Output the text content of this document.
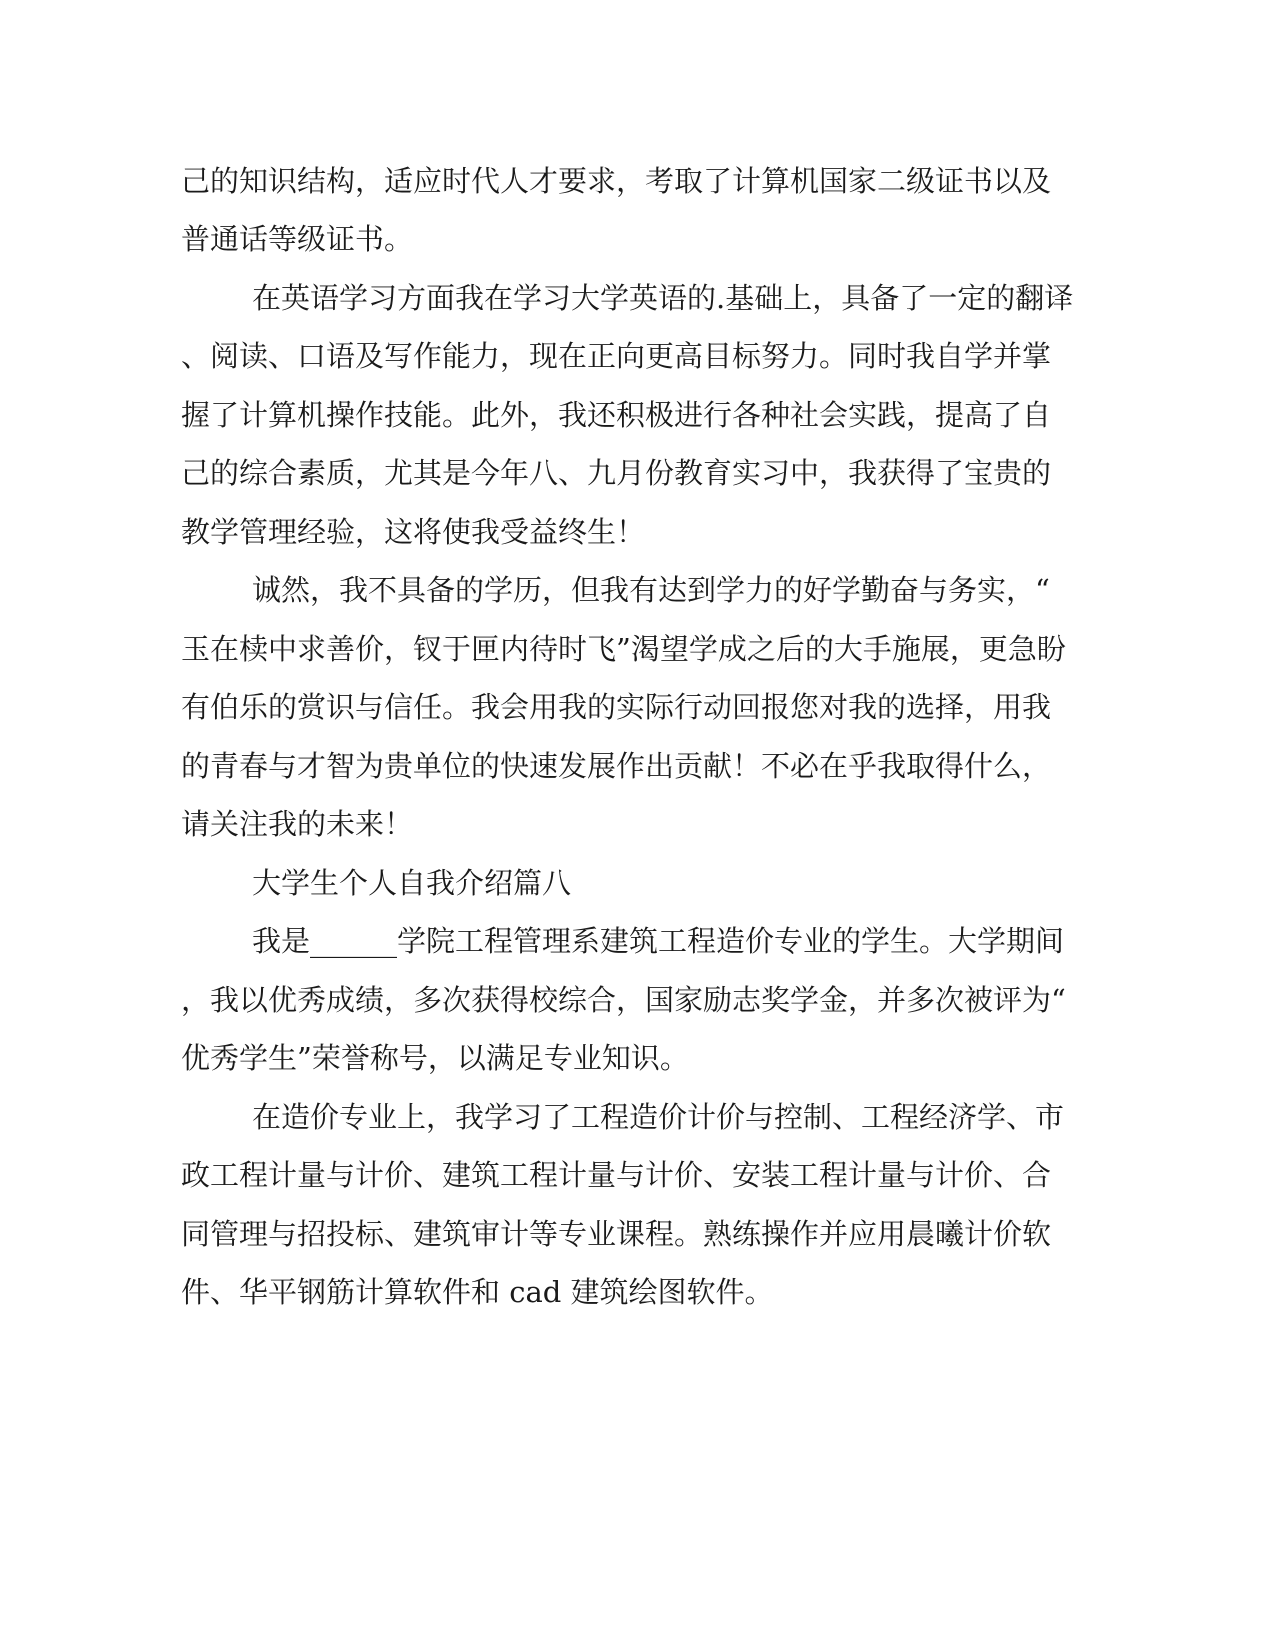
己的知识结构，适应时代人才要求，考取了计算机国家二级证书以及
普通话等级证书。
在英语学习方面我在学习大学英语的.基础上，具备了一定的翻译
、阅读、口语及写作能力，现在正向更高目标努力。同时我自学并掌
握了计算机操作技能。此外，我还积极进行各种社会实践，提高了自
己的综合素质，尤其是今年八、九月份教育实习中，我获得了宝贵的
教学管理经验，这将使我受益终生！
诚然，我不具备的学历，但我有达到学力的好学勤奋与务实，“
玉在椟中求善价，钗于匣内待时飞”渴望学成之后的大手施展，更急盼
有伯乐的赏识与信任。我会用我的实际行动回报您对我的选择，用我
的青春与才智为贵单位的快速发展作出贡献！不必在乎我取得什么，
请关注我的未来！
大学生个人自我介绍篇八
我是______学院工程管理系建筑工程造价专业的学生。大学期间
，我以优秀成绩，多次获得校综合，国家励志奖学金，并多次被评为“
优秀学生”荣誉称号，以满足专业知识。
在造价专业上，我学习了工程造价计价与控制、工程经济学、市
政工程计量与计价、建筑工程计量与计价、安装工程计量与计价、合
同管理与招投标、建筑审计等专业课程。熟练操作并应用晨曦计价软
件、华平钢筋计算软件和 cad 建筑绘图软件。
